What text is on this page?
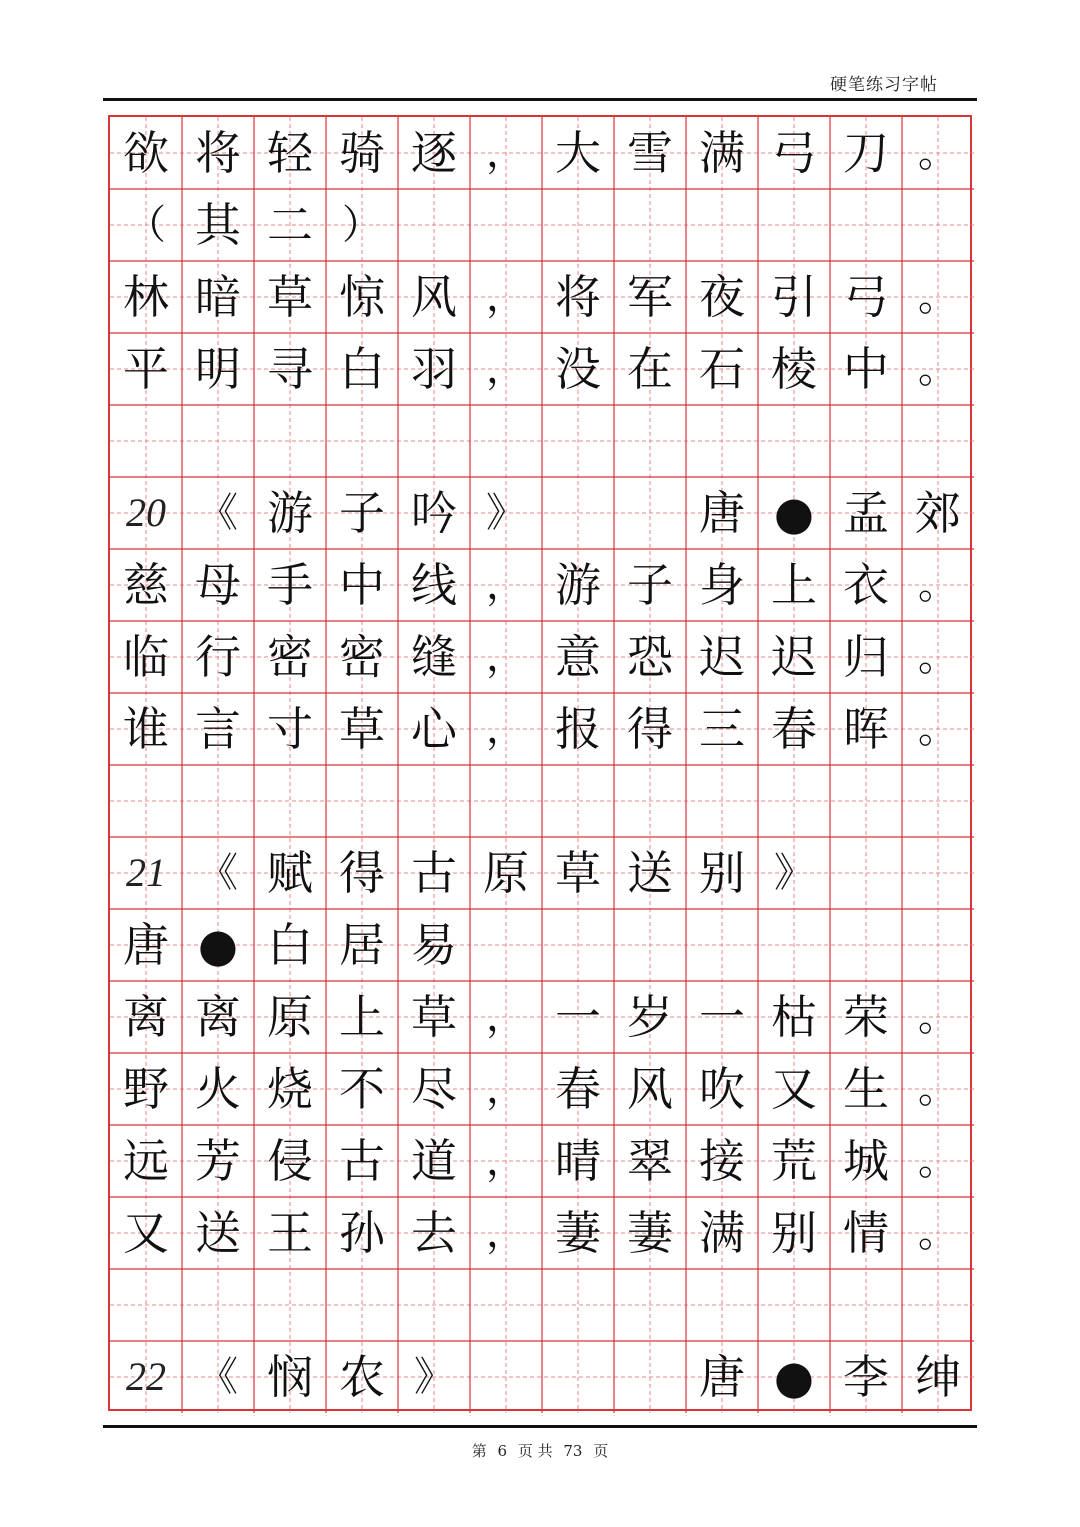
硬笔练习字帖
欲 将 轻 骑 逐 ， 大 雪 满 弓 刀 。
（ 其 二 ）
林 暗 草 惊 风 ， 将 军 夜 引 弓 。
平 明 寻 白 羽 ， 没 在 石 棱 中 。
20 《 游 子 吟 》	唐 ● 孟 郊
慈 母 手 中 线 ， 游 子 身 上 衣 。
临 行 密 密 缝 ， 意 恐 迟 迟 归 。
谁 言 寸 草 心 ， 报 得 三 春 晖 。
21 《 赋 得 古 原 草 送 别 》
唐 ● 白 居 易
离 离 原 上 草 ， 一 岁 一 枯 荣 。
野 火 烧 不 尽 ， 春 风 吹 又 生 。
远 芳 侵 古 道 ， 晴 翠 接 荒 城 。
又 送 王 孙 去 ， 萋 萋 满 别 情 。
22 《 悯 农 》	唐 ● 李 绅
第 6 页 共 73 页
